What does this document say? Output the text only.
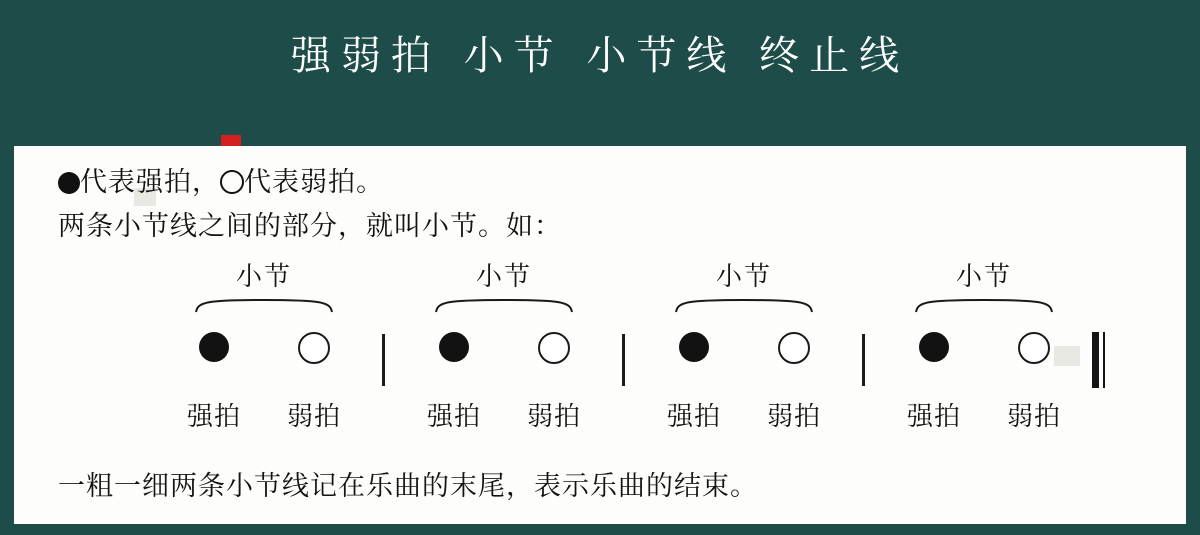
强弱拍 小节 小节线 终止线
代表强拍， 代表弱拍。
两条小节线之间的部分，就叫小节。如：
小节
强拍	弱拍
小节
强拍	弱拍
小节
强拍	弱拍
小节
强拍	弱拍
一粗一细两条小节线记在乐曲的末尾，表示乐曲的结束。
